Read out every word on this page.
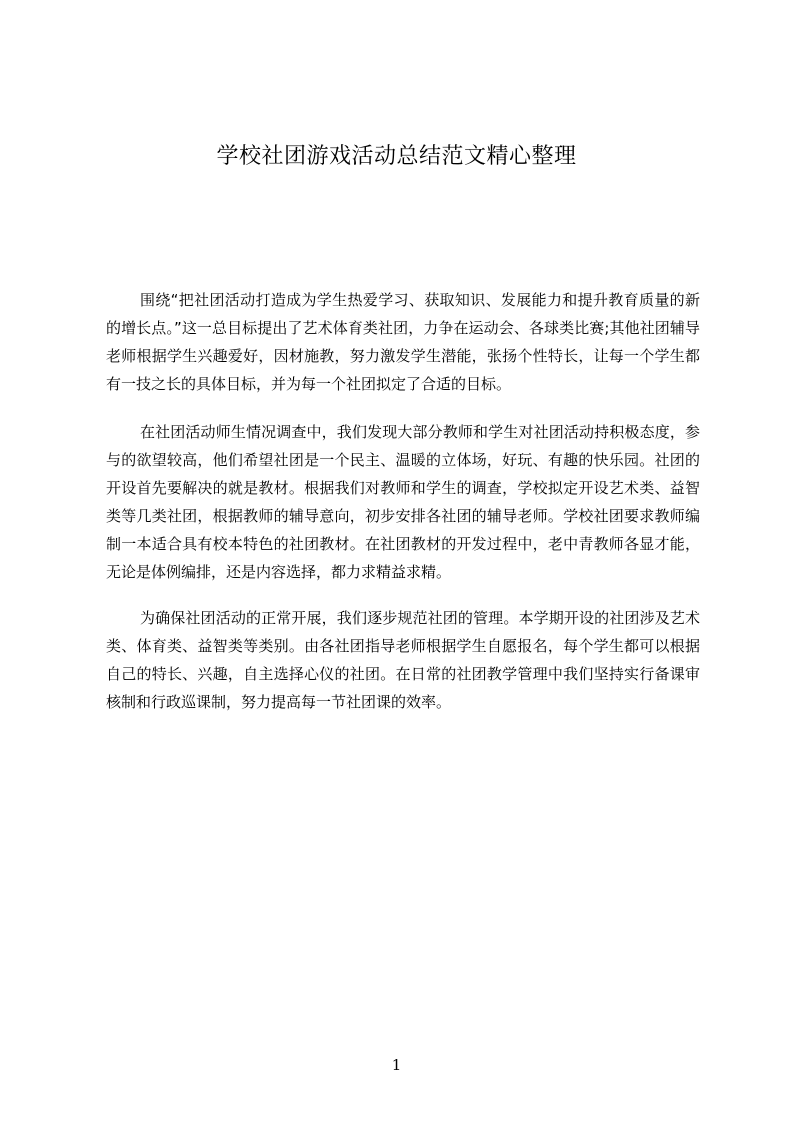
学校社团游戏活动总结范文精心整理

围绕“把社团活动打造成为学生热爱学习、获取知识、发展能力和提升教育质量的新的增长点。”这一总目标提出了艺术体育类社团，力争在运动会、各球类比赛;其他社团辅导老师根据学生兴趣爱好，因材施教，努力激发学生潜能，张扬个性特长，让每一个学生都有一技之长的具体目标，并为每一个社团拟定了合适的目标。

在社团活动师生情况调查中，我们发现大部分教师和学生对社团活动持积极态度，参与的欲望较高，他们希望社团是一个民主、温暖的立体场，好玩、有趣的快乐园。社团的开设首先要解决的就是教材。根据我们对教师和学生的调查，学校拟定开设艺术类、益智类等几类社团，根据教师的辅导意向，初步安排各社团的辅导老师。学校社团要求教师编制一本适合具有校本特色的社团教材。在社团教材的开发过程中，老中青教师各显才能，无论是体例编排，还是内容选择，都力求精益求精。

为确保社团活动的正常开展，我们逐步规范社团的管理。本学期开设的社团涉及艺术类、体育类、益智类等类别。由各社团指导老师根据学生自愿报名，每个学生都可以根据自己的特长、兴趣，自主选择心仪的社团。在日常的社团教学管理中我们坚持实行备课审核制和行政巡课制，努力提高每一节社团课的效率。

1
